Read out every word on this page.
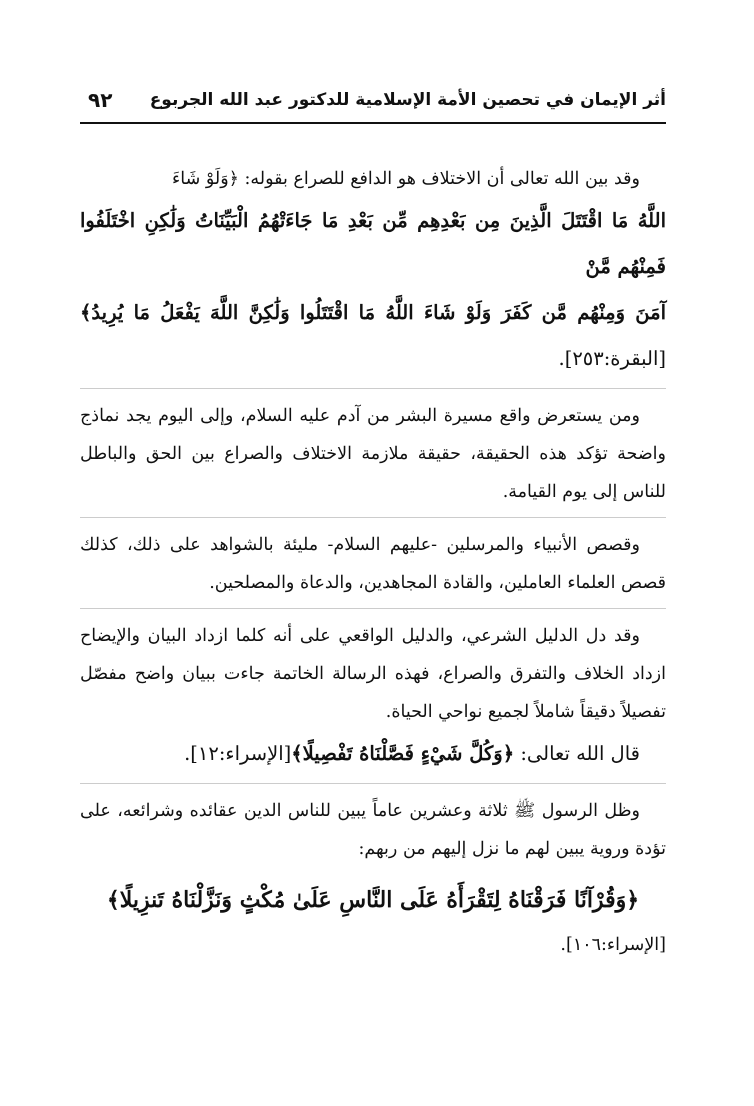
أثر الإيمان في تحصين الأمة الإسلامية للدكتور عبد الله الجربوع
٩٢

وقد بين الله تعالى أن الاختلاف هو الدافع للصراع بقوله: ﴿وَلَوْ شَاءَ

اللَّهُ مَا اقْتَتَلَ الَّذِينَ مِن بَعْدِهِم مِّن بَعْدِ مَا جَاءَتْهُمُ الْبَيِّنَاتُ وَلَٰكِنِ اخْتَلَفُوا فَمِنْهُم مَّنْ

آمَنَ وَمِنْهُم مَّن كَفَرَ وَلَوْ شَاءَ اللَّهُ مَا اقْتَتَلُوا وَلَٰكِنَّ اللَّهَ يَفْعَلُ مَا يُرِيدُ﴾ [البقرة:٢٥٣].

ومن يستعرض واقع مسيرة البشر من آدم عليه السلام، وإلى اليوم يجد نماذج واضحة تؤكد هذه الحقيقة، حقيقة ملازمة الاختلاف والصراع بين الحق والباطل للناس إلى يوم القيامة.

وقصص الأنبياء والمرسلين -عليهم السلام- مليئة بالشواهد على ذلك، كذلك قصص العلماء العاملين، والقادة المجاهدين، والدعاة والمصلحين.

وقد دل الدليل الشرعي، والدليل الواقعي على أنه كلما ازداد البيان والإيضاح ازداد الخلاف والتفرق والصراع، فهذه الرسالة الخاتمة جاءت ببيان واضح مفصّل تفصيلاً دقيقاً شاملاً لجميع نواحي الحياة.

قال الله تعالى: ﴿وَكُلَّ شَيْءٍ فَصَّلْنَاهُ تَفْصِيلًا﴾[الإسراء:١٢].

وظل الرسول ﷺ ثلاثة وعشرين عاماً يبين للناس الدين عقائده وشرائعه، على تؤدة وروية يبين لهم ما نزل إليهم من ربهم:

﴿وَقُرْآنًا فَرَقْنَاهُ لِتَقْرَأَهُ عَلَى النَّاسِ عَلَىٰ مُكْثٍ وَنَزَّلْنَاهُ تَنزِيلًا﴾

[الإسراء:١٠٦].
